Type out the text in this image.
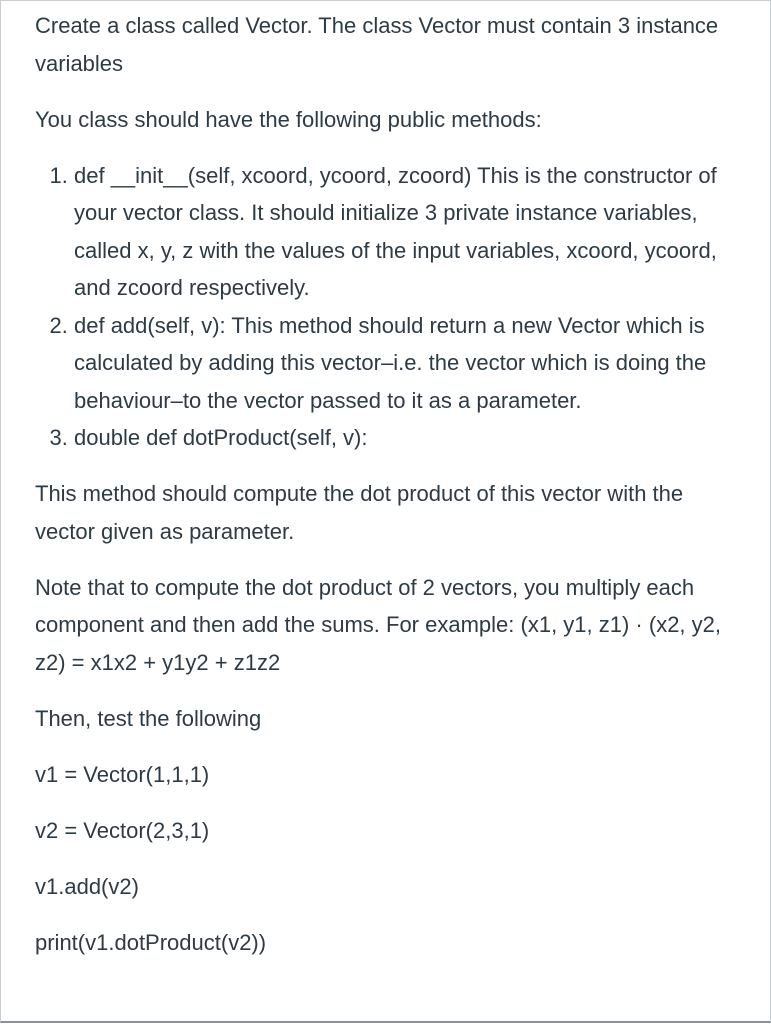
Create a class called Vector. The class Vector must contain 3 instance variables

You class should have the following public methods:

1. def __init__(self, xcoord, ycoord, zcoord) This is the constructor of your vector class. It should initialize 3 private instance variables, called x, y, z with the values of the input variables, xcoord, ycoord, and zcoord respectively.
2. def add(self, v): This method should return a new Vector which is calculated by adding this vector–i.e. the vector which is doing the behaviour–to the vector passed to it as a parameter.
3. double def dotProduct(self, v):

This method should compute the dot product of this vector with the vector given as parameter.

Note that to compute the dot product of 2 vectors, you multiply each component and then add the sums. For example: (x1, y1, z1) · (x2, y2, z2) = x1x2 + y1y2 + z1z2

Then, test the following

v1 = Vector(1,1,1)

v2 = Vector(2,3,1)

v1.add(v2)

print(v1.dotProduct(v2))
